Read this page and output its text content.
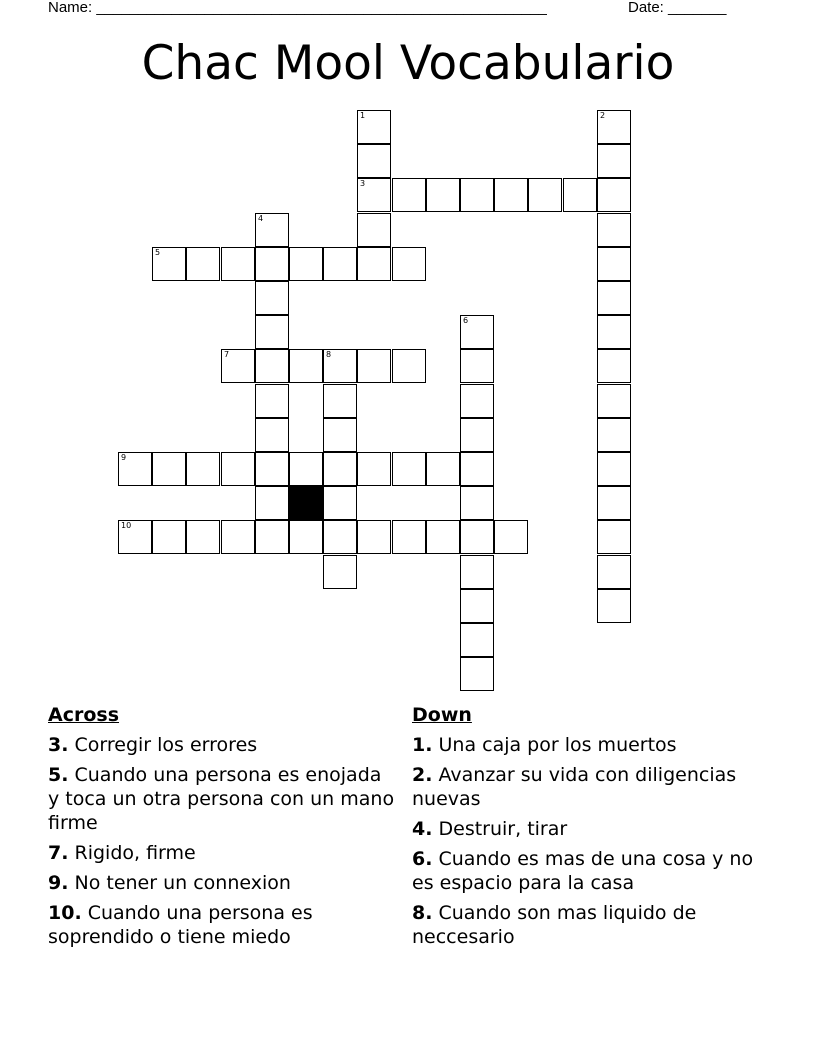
Name: ______________________________________________________	Date: _______
Chac Mool Vocabulario
1
3
2
4
5
6
7	8
9
10
Across
3. Corregir los errores
5. Cuando una persona es enojada y toca un otra persona con un mano firme
7. Rigido, firme
9. No tener un connexion
10. Cuando una persona es soprendido o tiene miedo
Down
1. Una caja por los muertos
2. Avanzar su vida con diligencias nuevas
4. Destruir, tirar
6. Cuando es mas de una cosa y no es espacio para la casa
8. Cuando son mas liquido de neccesario
